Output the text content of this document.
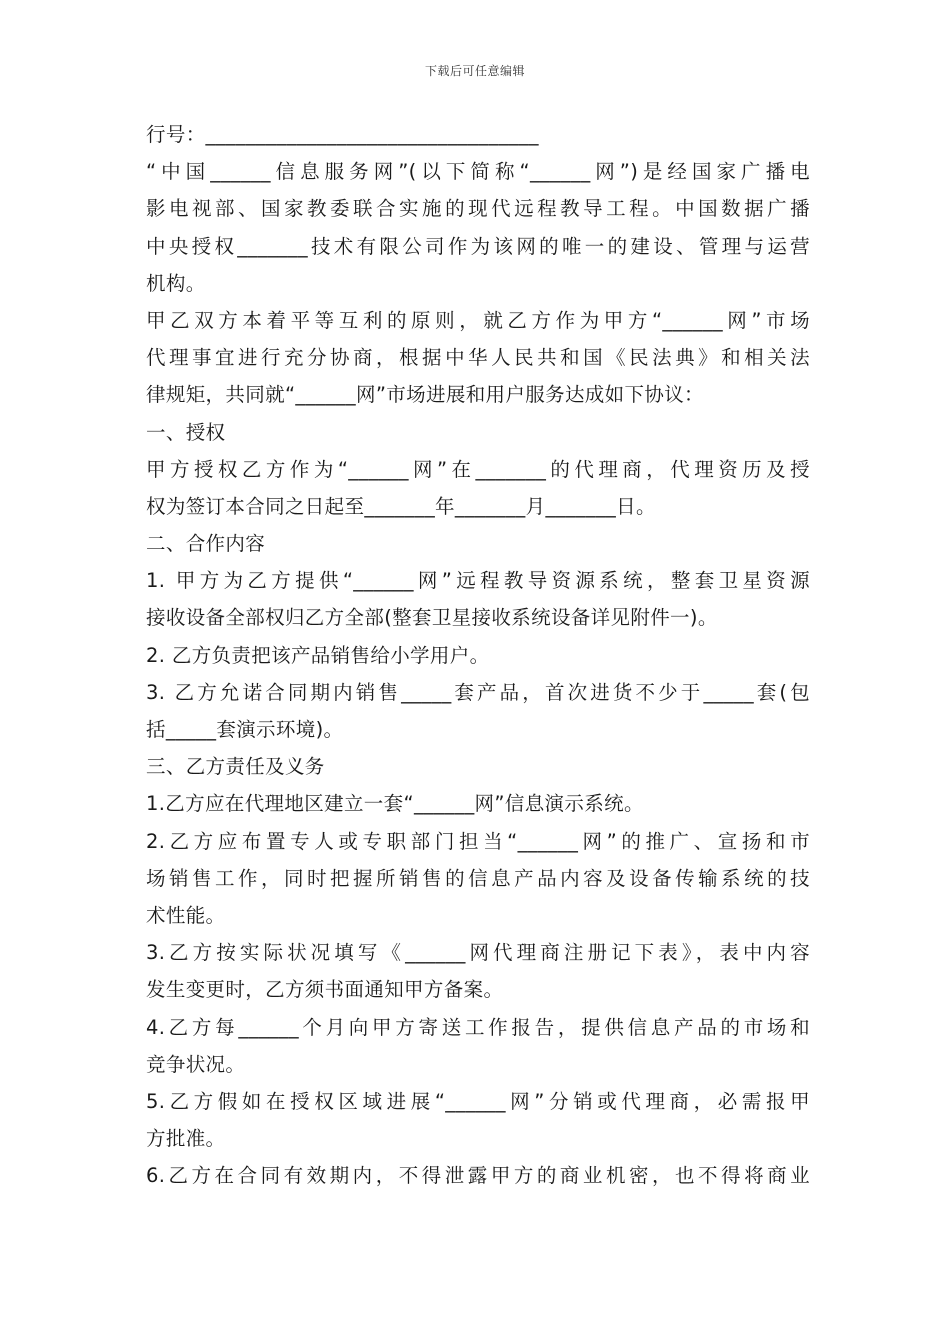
下载后可任意编辑
行号：_________________________________
“中国______信息服务网”(以下简称“______网”)是经国家广播电
影电视部、国家教委联合实施的现代远程教导工程。中国数据广播
中央授权_______技术有限公司作为该网的唯一的建设、管理与运营
机构。
甲乙双方本着平等互利的原则，就乙方作为甲方“______网”市场
代理事宜进行充分协商，根据中华人民共和国《民法典》和相关法
律规矩，共同就“______网”市场进展和用户服务达成如下协议：
一、授权
甲方授权乙方作为“______网”在_______的代理商，代理资历及授
权为签订本合同之日起至_______年_______月_______日。
二、合作内容
1. 甲方为乙方提供“______网”远程教导资源系统，整套卫星资源
接收设备全部权归乙方全部(整套卫星接收系统设备详见附件一)。
2. 乙方负责把该产品销售给小学用户。
3. 乙方允诺合同期内销售_____套产品，首次进货不少于_____套(包
括_____套演示环境)。
三、乙方责任及义务
1.乙方应在代理地区建立一套“______网”信息演示系统。
2.乙方应布置专人或专职部门担当“______网”的推广、宣扬和市
场销售工作，同时把握所销售的信息产品内容及设备传输系统的技
术性能。
3.乙方按实际状况填写《______网代理商注册记下表》，表中内容
发生变更时，乙方须书面通知甲方备案。
4.乙方每______个月向甲方寄送工作报告，提供信息产品的市场和
竞争状况。
5.乙方假如在授权区域进展“______网”分销或代理商，必需报甲
方批准。
6.乙方在合同有效期内，不得泄露甲方的商业机密，也不得将商业
